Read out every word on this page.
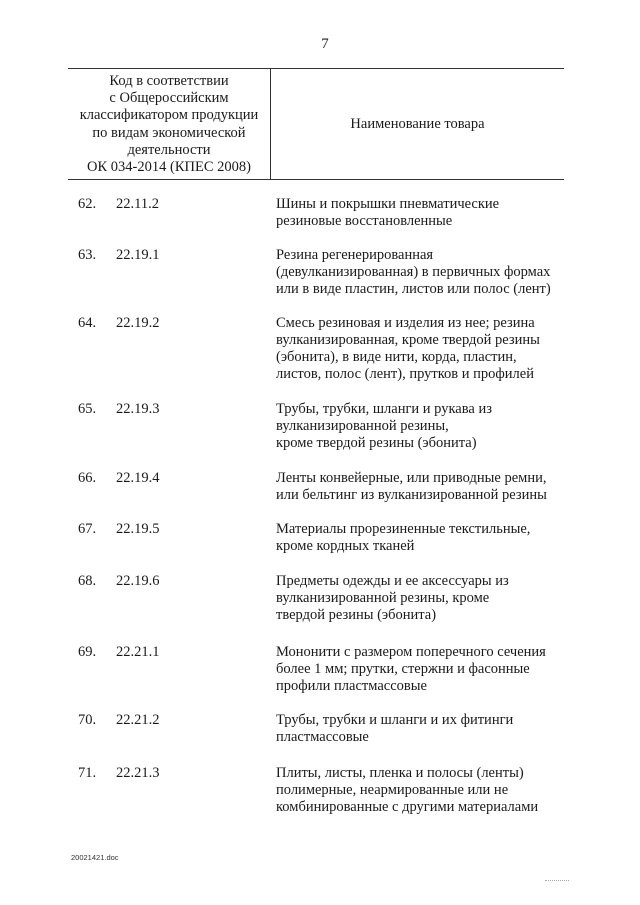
7
Код в соответствии
с Общероссийским
классификатором продукции
по видам экономической
деятельности
ОК 034-2014 (КПЕС 2008)
Наименование товара
62.	22.11.2	Шины и покрышки пневматические
резиновые восстановленные
63.	22.19.1	Резина регенерированная
(девулканизированная) в первичных формах
или в виде пластин, листов или полос (лент)
64.	22.19.2	Смесь резиновая и изделия из нее; резина
вулканизированная, кроме твердой резины
(эбонита), в виде нити, корда, пластин,
листов, полос (лент), прутков и профилей
65.	22.19.3	Трубы, трубки, шланги и рукава из
вулканизированной резины,
кроме твердой резины (эбонита)
66.	22.19.4	Ленты конвейерные, или приводные ремни,
или бельтинг из вулканизированной резины
67.	22.19.5	Материалы прорезиненные текстильные,
кроме кордных тканей
68.	22.19.6	Предметы одежды и ее аксессуары из
вулканизированной резины, кроме
твердой резины (эбонита)
69.	22.21.1	Мононити с размером поперечного сечения
более 1 мм; прутки, стержни и фасонные
профили пластмассовые
70.	22.21.2	Трубы, трубки и шланги и их фитинги
пластмассовые
71.	22.21.3	Плиты, листы, пленка и полосы (ленты)
полимерные, неармированные или не
комбинированные с другими материалами
20021421.doc
